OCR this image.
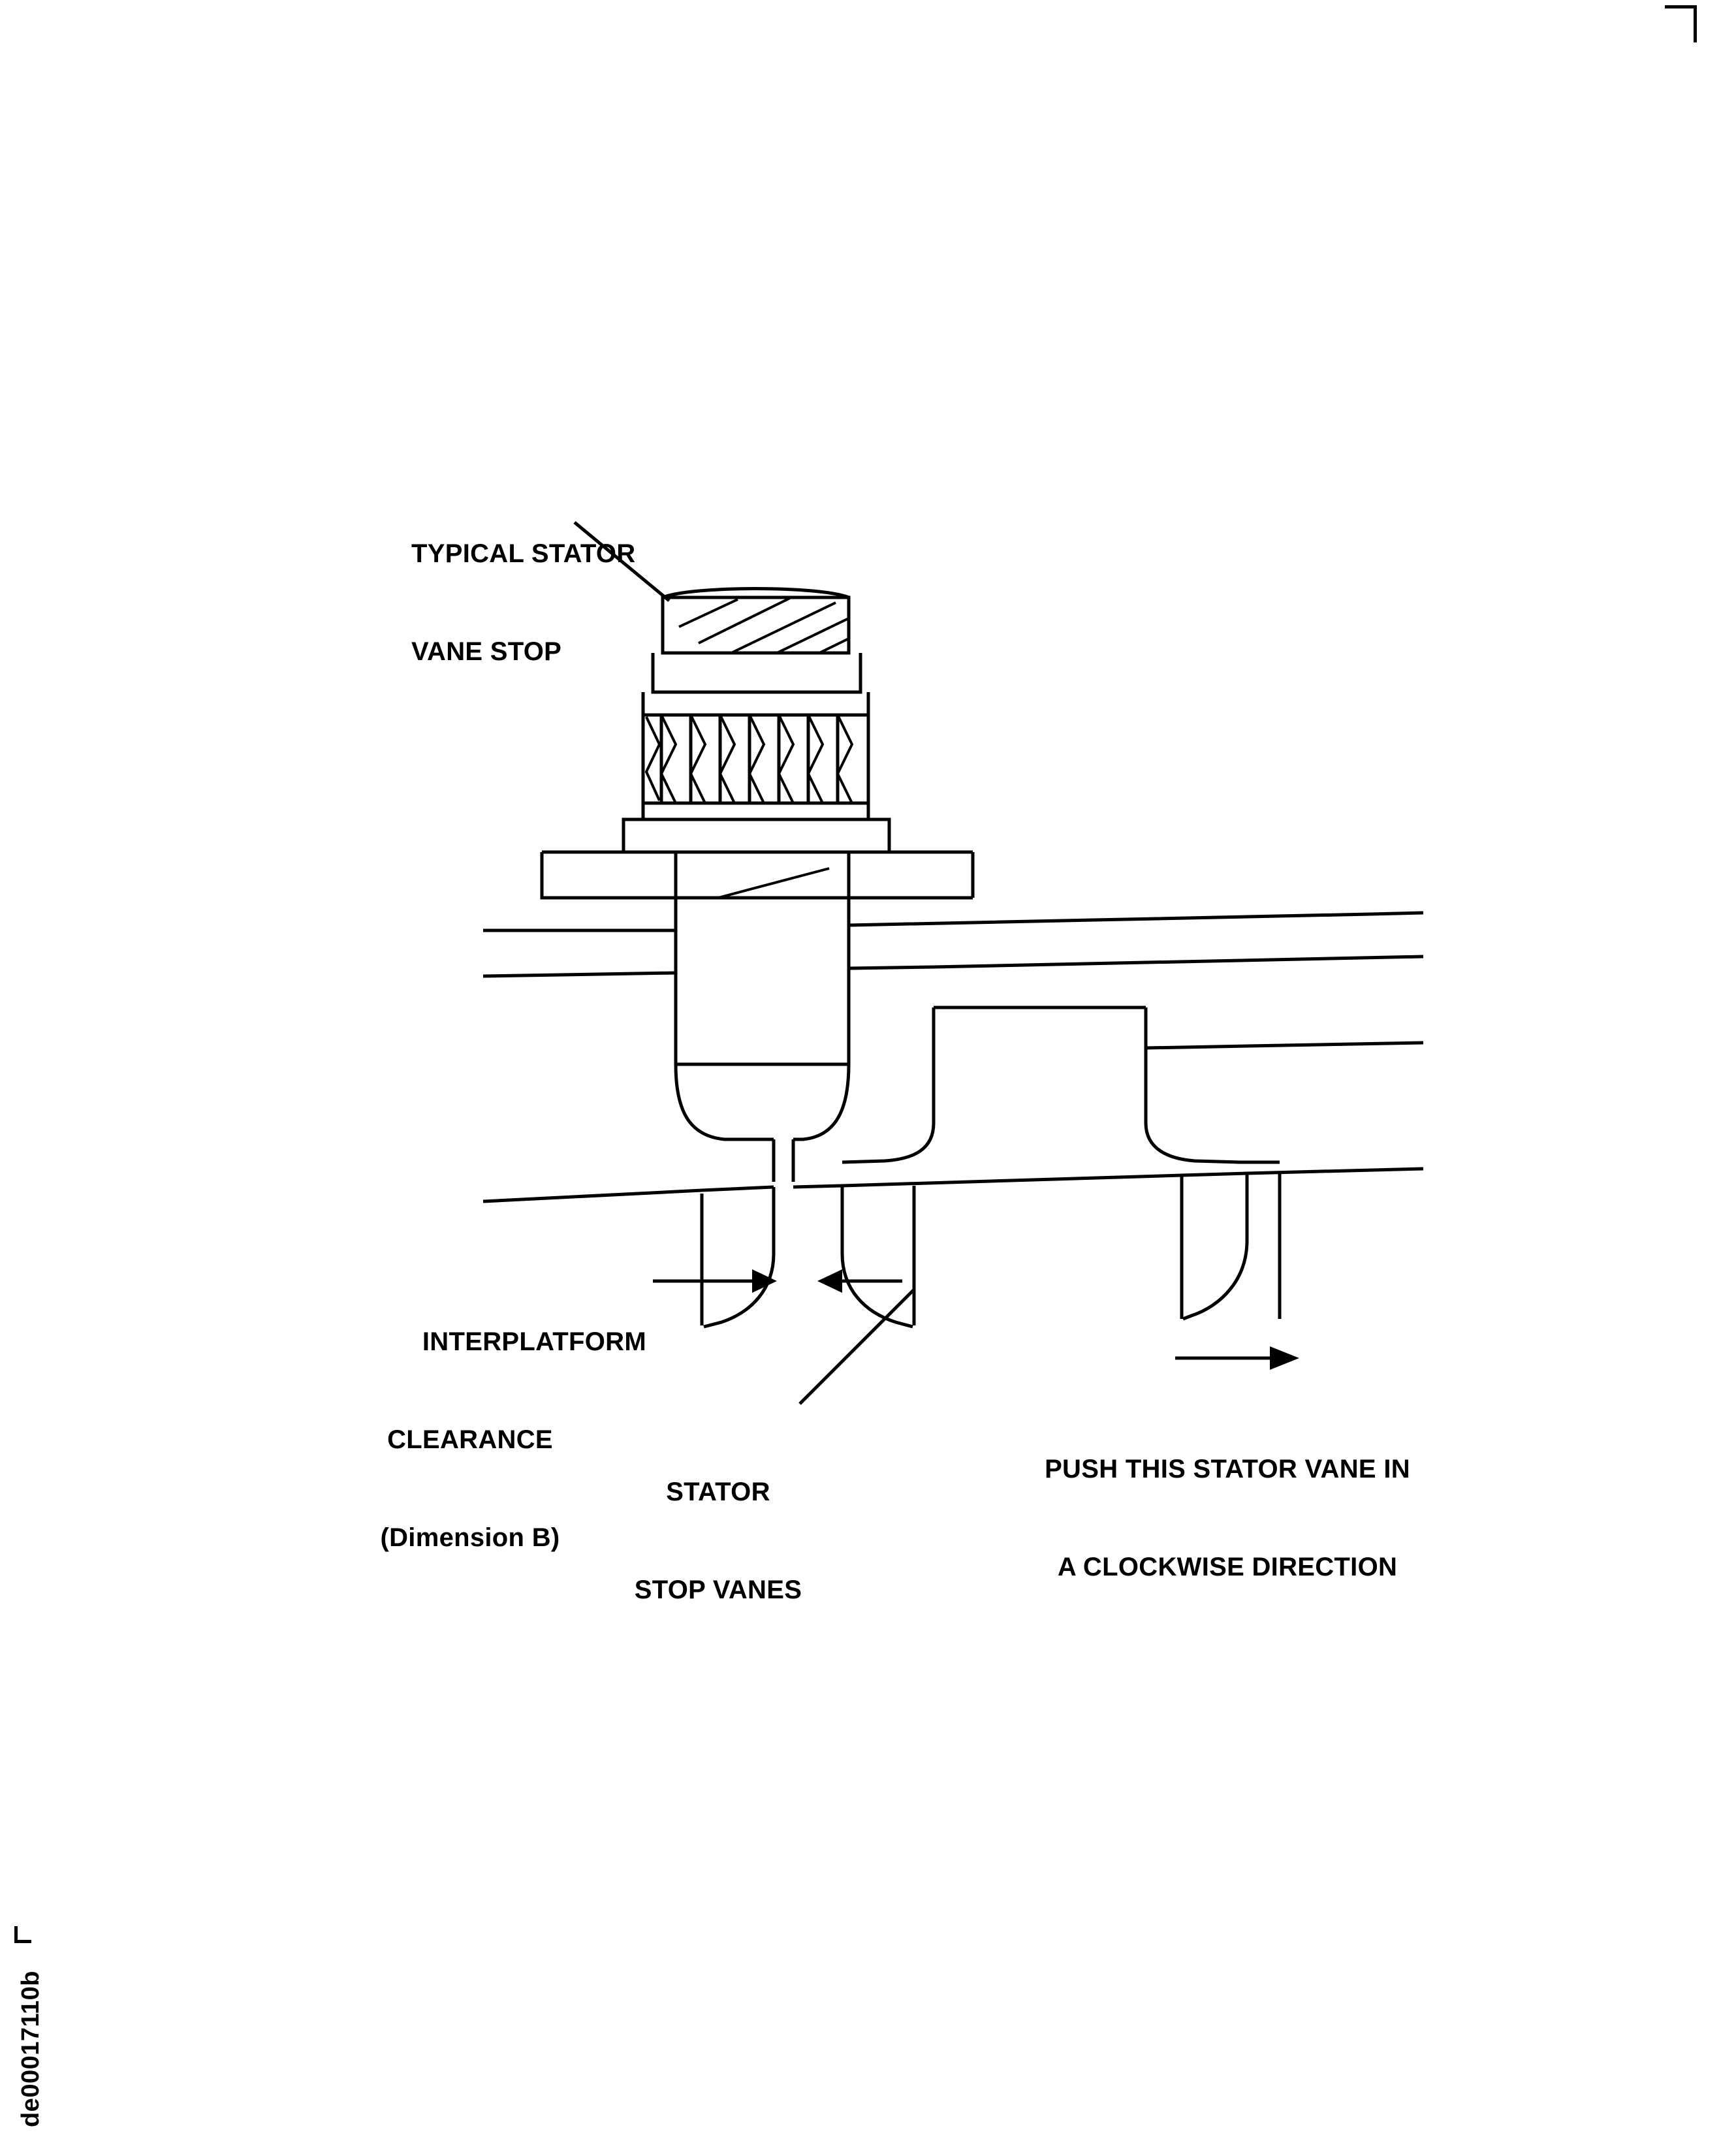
TYPICAL STATOR

VANE STOP

INTERPLATFORM

CLEARANCE

(Dimension B)

STATOR

STOP VANES

PUSH THIS STATOR VANE IN

A CLOCKWISE DIRECTION

de00017110b
